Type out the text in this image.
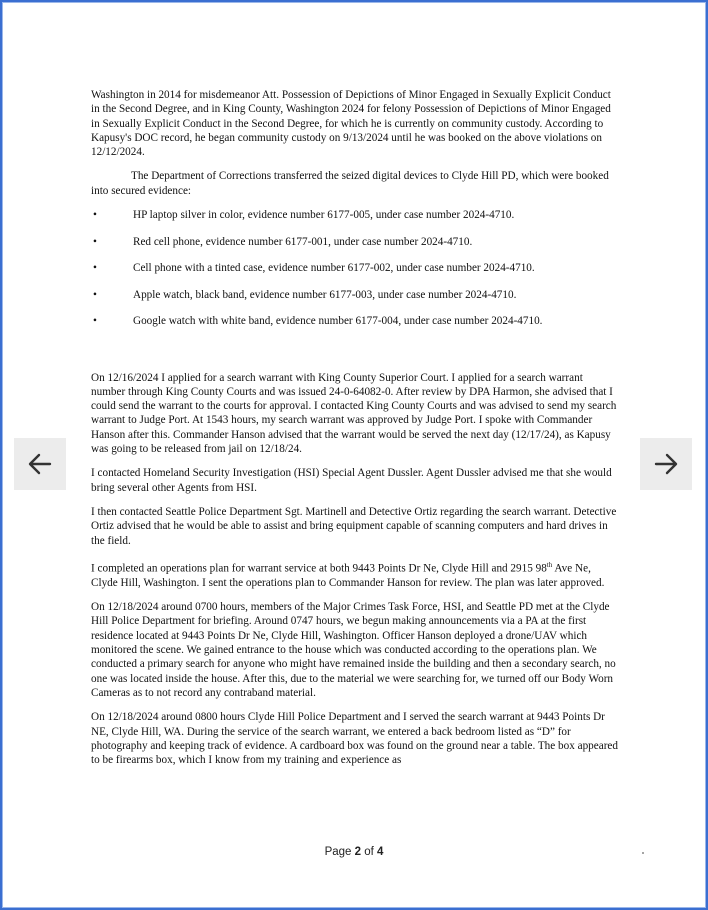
Washington in 2014 for misdemeanor Att. Possession of Depictions of Minor Engaged in Sexually Explicit Conduct in the Second Degree, and in King County, Washington 2024 for felony Possession of Depictions of Minor Engaged in Sexually Explicit Conduct in the Second Degree, for which he is currently on community custody. According to Kapusy's DOC record, he began community custody on 9/13/2024 until he was booked on the above violations on 12/12/2024.

The Department of Corrections transferred the seized digital devices to Clyde Hill PD, which were booked into secured evidence:

•	HP laptop silver in color, evidence number 6177-005, under case number 2024-4710.
•	Red cell phone, evidence number 6177-001, under case number 2024-4710.
•	Cell phone with a tinted case, evidence number 6177-002, under case number 2024-4710.
•	Apple watch, black band, evidence number 6177-003, under case number 2024-4710.
•	Google watch with white band, evidence number 6177-004, under case number 2024-4710.

On 12/16/2024 I applied for a search warrant with King County Superior Court. I applied for a search warrant number through King County Courts and was issued 24-0-64082-0. After review by DPA Harmon, she advised that I could send the warrant to the courts for approval. I contacted King County Courts and was advised to send my search warrant to Judge Port. At 1543 hours, my search warrant was approved by Judge Port. I spoke with Commander Hanson after this. Commander Hanson advised that the warrant would be served the next day (12/17/24), as Kapusy was going to be released from jail on 12/18/24.

I contacted Homeland Security Investigation (HSI) Special Agent Dussler. Agent Dussler advised me that she would bring several other Agents from HSI.

I then contacted Seattle Police Department Sgt. Martinell and Detective Ortiz regarding the search warrant. Detective Ortiz advised that he would be able to assist and bring equipment capable of scanning computers and hard drives in the field.

I completed an operations plan for warrant service at both 9443 Points Dr Ne, Clyde Hill and 2915 98th Ave Ne, Clyde Hill, Washington. I sent the operations plan to Commander Hanson for review. The plan was later approved.

On 12/18/2024 around 0700 hours, members of the Major Crimes Task Force, HSI, and Seattle PD met at the Clyde Hill Police Department for briefing. Around 0747 hours, we begun making announcements via a PA at the first residence located at 9443 Points Dr Ne, Clyde Hill, Washington. Officer Hanson deployed a drone/UAV which monitored the scene. We gained entrance to the house which was conducted according to the operations plan. We conducted a primary search for anyone who might have remained inside the building and then a secondary search, no one was located inside the house. After this, due to the material we were searching for, we turned off our Body Worn Cameras as to not record any contraband material.

On 12/18/2024 around 0800 hours Clyde Hill Police Department and I served the search warrant at 9443 Points Dr NE, Clyde Hill, WA. During the service of the search warrant, we entered a back bedroom listed as “D” for photography and keeping track of evidence. A cardboard box was found on the ground near a table. The box appeared to be firearms box, which I know from my training and experience as

Page 2 of 4
